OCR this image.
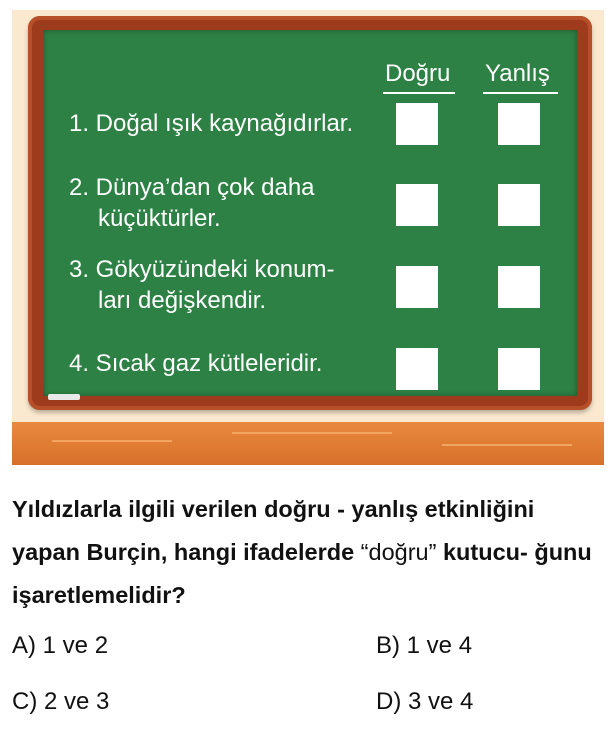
Doğru Yanlış
1. Doğal ışık kaynağıdırlar.
2. Dünya’dan çok daha
küçüktürler.
3. Gökyüzündeki konum-
ları değişkendir.
4. Sıcak gaz kütleleridir.
Yıldızlarla ilgili verilen doğru - yanlış etkinliğini yapan Burçin, hangi ifadelerde “doğru” kutucu- ğunu işaretlemelidir?
A) 1 ve 2	B) 1 ve 4
C) 2 ve 3	D) 3 ve 4
